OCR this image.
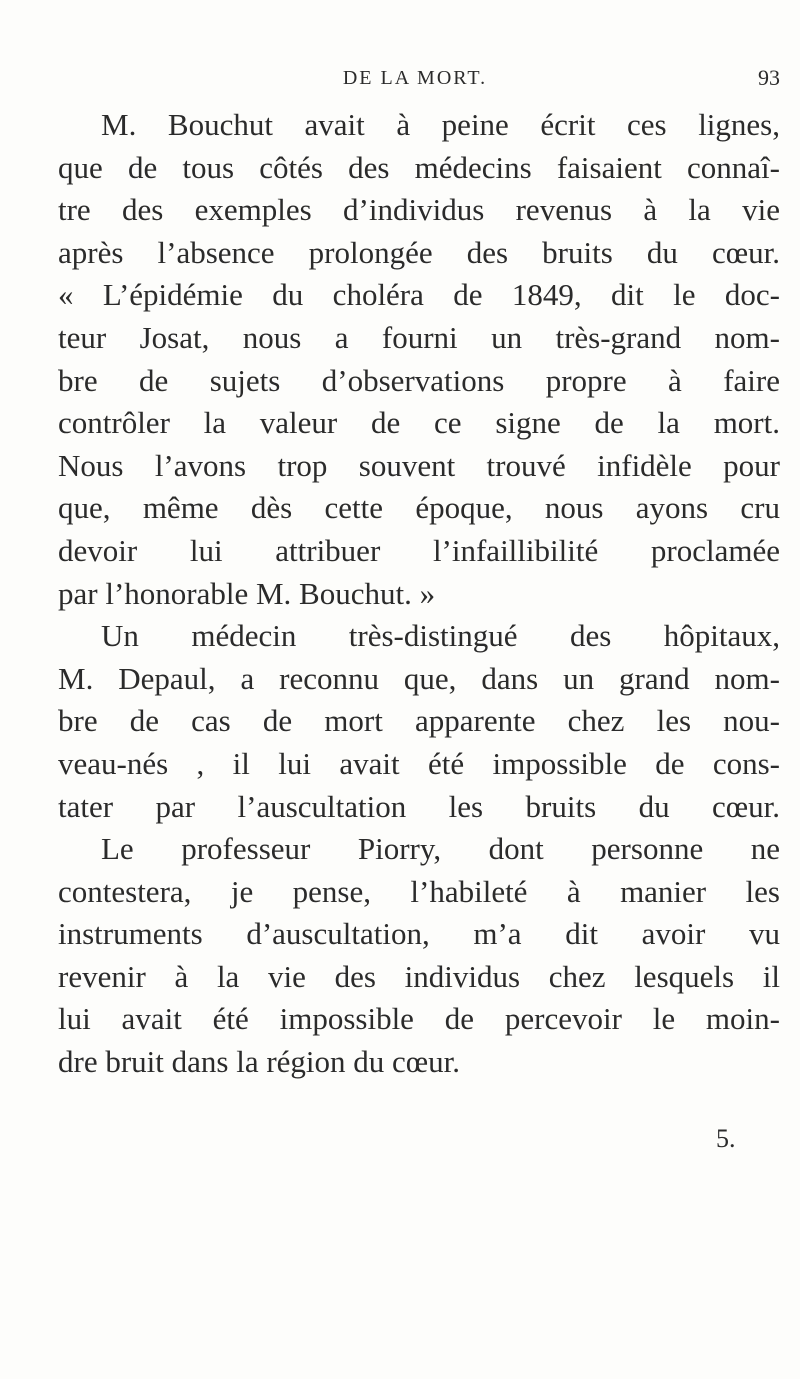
DE LA MORT.	93
M. Bouchut avait à peine écrit ces lignes,
que de tous côtés des médecins faisaient connaî-
tre des exemples d’individus revenus à la vie
après l’absence prolongée des bruits du cœur.
« L’épidémie du choléra de 1849, dit le doc-
teur Josat, nous a fourni un très-grand nom-
bre de sujets d’observations propre à faire
contrôler la valeur de ce signe de la mort.
Nous l’avons trop souvent trouvé infidèle pour
que, même dès cette époque, nous ayons cru
devoir lui attribuer l’infaillibilité proclamée
par l’honorable M. Bouchut. »
Un médecin très-distingué des hôpitaux,
M. Depaul, a reconnu que, dans un grand nom-
bre de cas de mort apparente chez les nou-
veau-nés , il lui avait été impossible de cons-
tater par l’auscultation les bruits du cœur.
Le professeur Piorry, dont personne ne
contestera, je pense, l’habileté à manier les
instruments d’auscultation, m’a dit avoir vu
revenir à la vie des individus chez lesquels il
lui avait été impossible de percevoir le moin-
dre bruit dans la région du cœur.
5.
